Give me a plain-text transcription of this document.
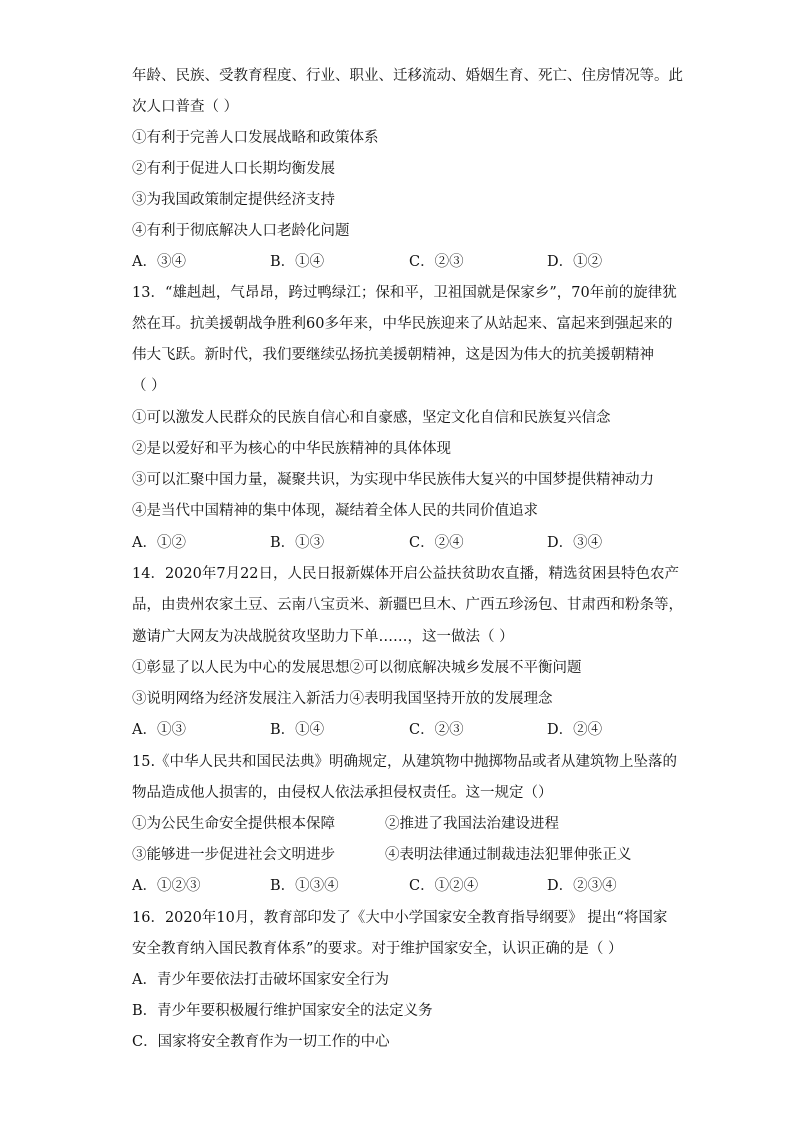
年龄、民族、受教育程度、行业、职业、迁移流动、婚姻生育、死亡、住房情况等。此
次人口普查（ ）
①有利于完善人口发展战略和政策体系
②有利于促进人口长期均衡发展
③为我国政策制定提供经济支持
④有利于彻底解决人口老龄化问题
A．③④	B．①④	C．②③	D．①②
13．“雄赳赳，气昂昂，跨过鸭绿江；保和平，卫祖国就是保家乡”，70年前的旋律犹
然在耳。抗美援朝战争胜利60多年来，中华民族迎来了从站起来、富起来到强起来的
伟大飞跃。新时代，我们要继续弘扬抗美援朝精神，这是因为伟大的抗美援朝精神
（ ）
①可以激发人民群众的民族自信心和自豪感，坚定文化自信和民族复兴信念
②是以爱好和平为核心的中华民族精神的具体体现
③可以汇聚中国力量，凝聚共识，为实现中华民族伟大复兴的中国梦提供精神动力
④是当代中国精神的集中体现，凝结着全体人民的共同价值追求
A．①②	B．①③	C．②④	D．③④
14．2020年7月22日，人民日报新媒体开启公益扶贫助农直播，精选贫困县特色农产
品，由贵州农家土豆、云南八宝贡米、新疆巴旦木、广西五珍汤包、甘肃西和粉条等，
邀请广大网友为决战脱贫攻坚助力下单……，这一做法（ ）
①彰显了以人民为中心的发展思想②可以彻底解决城乡发展不平衡问题
③说明网络为经济发展注入新活力④表明我国坚持开放的发展理念
A．①③	B．①④	C．②③	D．②④
15.《中华人民共和国民法典》明确规定，从建筑物中抛掷物品或者从建筑物上坠落的
物品造成他人损害的，由侵权人依法承担侵权责任。这一规定（）
①为公民生命安全提供根本保障	②推进了我国法治建设进程
③能够进一步促进社会文明进步	④表明法律通过制裁违法犯罪伸张正义
A．①②③	B．①③④	C．①②④	D．②③④
16．2020年10月，教育部印发了《大中小学国家安全教育指导纲要》 提出“将国家
安全教育纳入国民教育体系”的要求。对于维护国家安全，认识正确的是（ ）
A．青少年要依法打击破坏国家安全行为
B．青少年要积极履行维护国家安全的法定义务
C．国家将安全教育作为一切工作的中心
